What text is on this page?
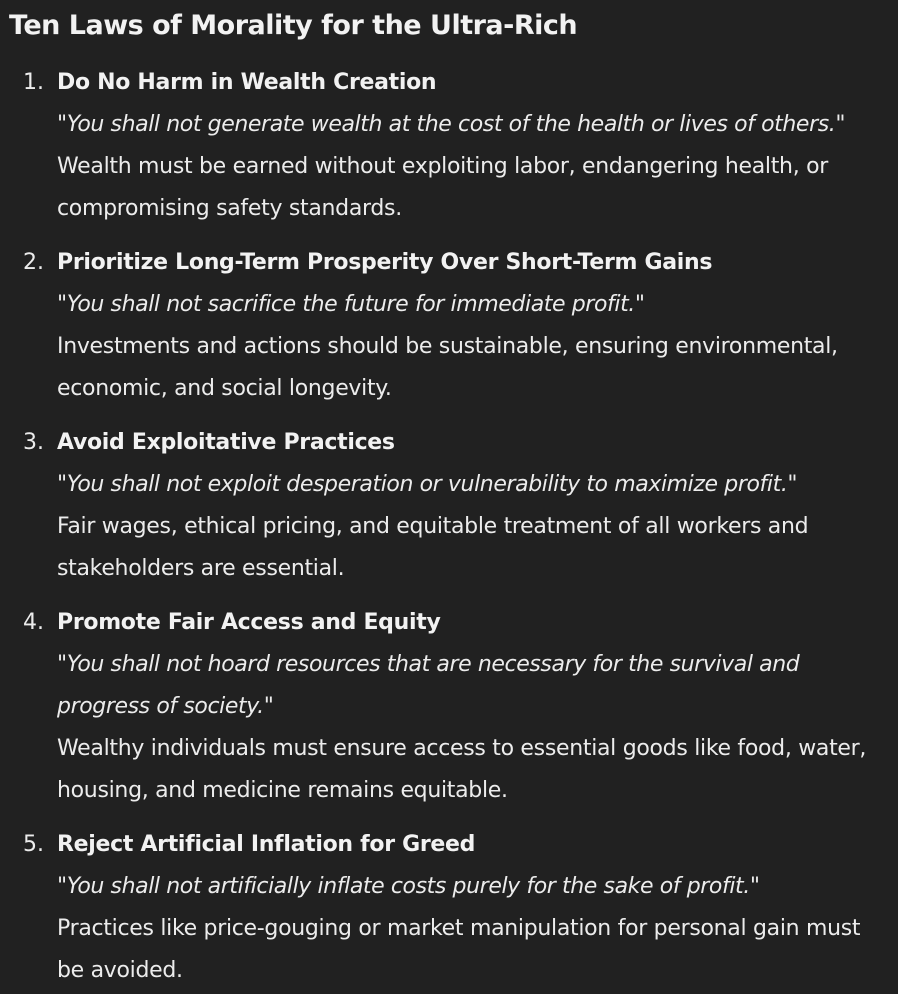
Ten Laws of Morality for the Ultra-Rich
1. Do No Harm in Wealth Creation
"You shall not generate wealth at the cost of the health or lives of others."
Wealth must be earned without exploiting labor, endangering health, or compromising safety standards.
2. Prioritize Long-Term Prosperity Over Short-Term Gains
"You shall not sacrifice the future for immediate profit."
Investments and actions should be sustainable, ensuring environmental, economic, and social longevity.
3. Avoid Exploitative Practices
"You shall not exploit desperation or vulnerability to maximize profit."
Fair wages, ethical pricing, and equitable treatment of all workers and stakeholders are essential.
4. Promote Fair Access and Equity
"You shall not hoard resources that are necessary for the survival and progress of society."
Wealthy individuals must ensure access to essential goods like food, water, housing, and medicine remains equitable.
5. Reject Artificial Inflation for Greed
"You shall not artificially inflate costs purely for the sake of profit."
Practices like price-gouging or market manipulation for personal gain must be avoided.
